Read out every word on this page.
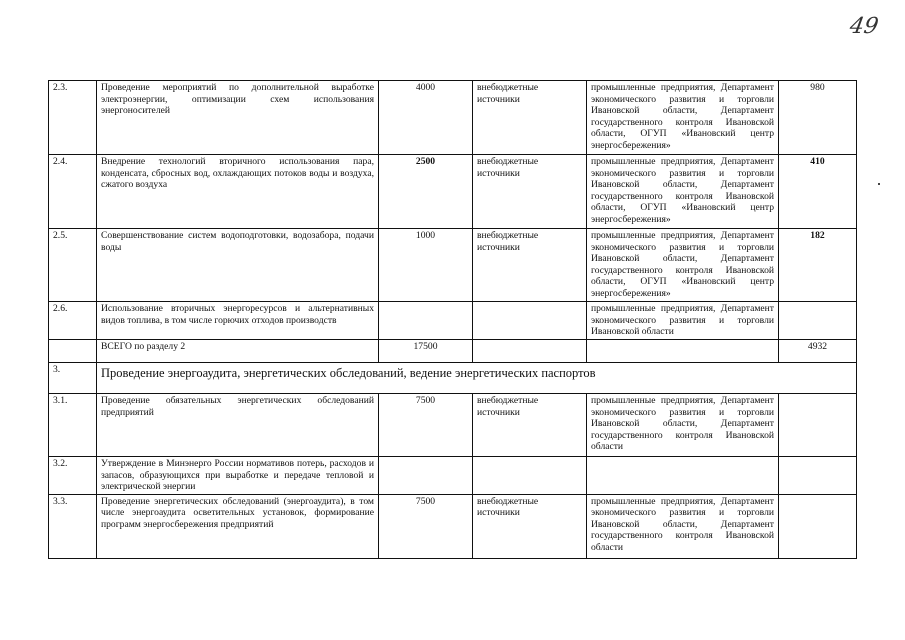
49
2.3.	Проведение мероприятий по дополнительной выработке электроэнергии, оптимизации схем использования энергоносителей	4000	внебюджетные источники	промышленные предприятия, Департамент экономического развития и торговли Ивановской области, Департамент государственного контроля Ивановской области, ОГУП «Ивановский центр энергосбережения»	980
2.4.	Внедрение технологий вторичного использования пара, конденсата, сбросных вод, охлаждающих потоков воды и воздуха, сжатого воздуха	2500	внебюджетные источники	промышленные предприятия, Департамент экономического развития и торговли Ивановской области, Департамент государственного контроля Ивановской области, ОГУП «Ивановский центр энергосбережения»	410
2.5.	Совершенствование систем водоподготовки, водозабора, подачи воды	1000	внебюджетные источники	промышленные предприятия, Департамент экономического развития и торговли Ивановской области, Департамент государственного контроля Ивановской области, ОГУП «Ивановский центр энергосбережения»	182
2.6.	Использование вторичных энергоресурсов и альтернативных видов топлива, в том числе горючих отходов производств			промышленные предприятия, Департамент экономического развития и торговли Ивановской области	
	ВСЕГО по разделу 2	17500			4932
3.	Проведение энергоаудита, энергетических обследований, ведение энергетических паспортов				
3.1.	Проведение обязательных энергетических обследований предприятий	7500	внебюджетные источники	промышленные предприятия, Департамент экономического развития и торговли Ивановской области, Департамент государственного контроля Ивановской области	
3.2.	Утверждение в Минэнерго России нормативов потерь, расходов и запасов, образующихся при выработке и передаче тепловой и электрической энергии				
3.3.	Проведение энергетических обследований (энергоаудита), в том числе энергоаудита осветительных установок, формирование программ энергосбережения предприятий	7500	внебюджетные источники	промышленные предприятия, Департамент экономического развития и торговли Ивановской области, Департамент государственного контроля Ивановской области	
